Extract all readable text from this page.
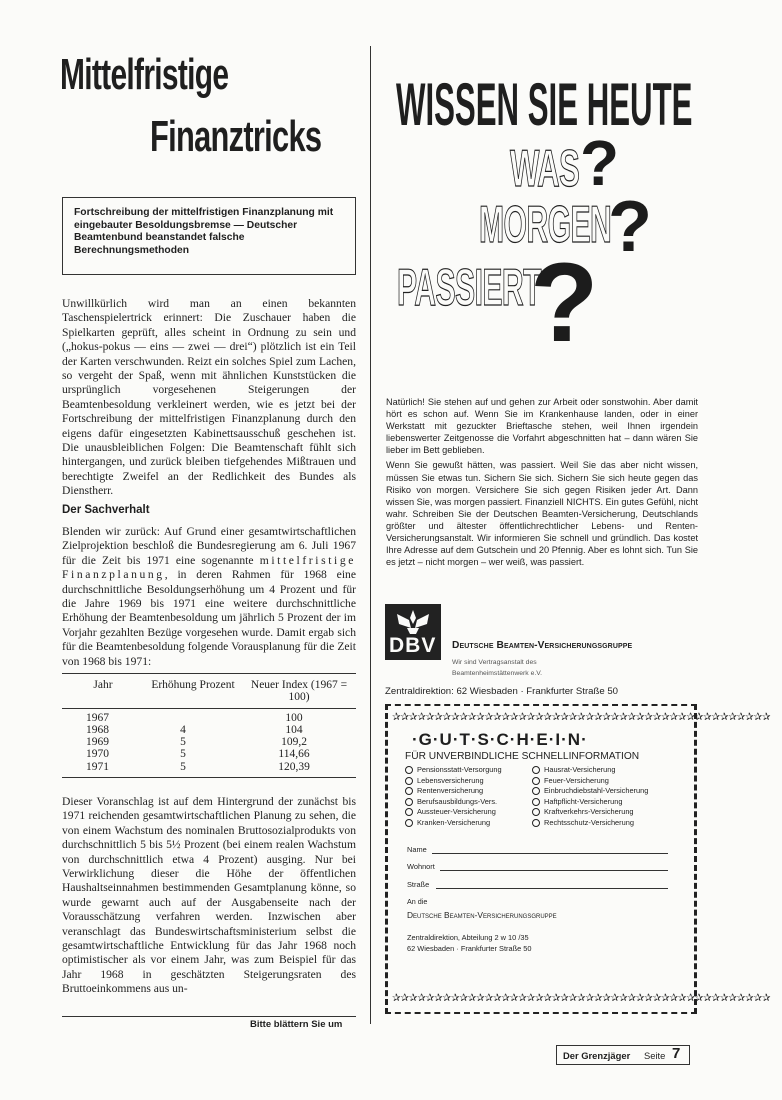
Mittelfristige
Finanztricks
Fortschreibung der mittelfristigen Finanzplanung mit eingebauter Besoldungsbremse — Deutscher Beamtenbund beanstandet falsche Berechnungsmethoden

Unwillkürlich wird man an einen bekannten Taschenspielertrick erinnert: Die Zuschauer haben die Spielkarten geprüft, alles scheint in Ordnung zu sein und („hokus-pokus — eins — zwei — drei“) plötzlich ist ein Teil der Karten verschwunden. Reizt ein solches Spiel zum Lachen, so vergeht der Spaß, wenn mit ähnlichen Kunststücken die ursprünglich vorgesehenen Steigerungen der Beamtenbesoldung verkleinert werden, wie es jetzt bei der Fortschreibung der mittelfristigen Finanzplanung durch den eigens dafür eingesetzten Kabinettsausschuß geschehen ist. Die unausbleiblichen Folgen: Die Beamtenschaft fühlt sich hintergangen, und zurück bleiben tiefgehendes Mißtrauen und berechtigte Zweifel an der Redlichkeit des Bundes als Dienstherr.

Der Sachverhalt

Blenden wir zurück: Auf Grund einer gesamtwirtschaftlichen Zielprojektion beschloß die Bundesregierung am 6. Juli 1967 für die Zeit bis 1971 eine sogenannte mittelfristige Finanzplanung, in deren Rahmen für 1968 eine durchschnittliche Besoldungserhöhung um 4 Prozent und für die Jahre 1969 bis 1971 eine weitere durchschnittliche Erhöhung der Beamtenbesoldung um jährlich 5 Prozent der im Vorjahr gezahlten Bezüge vorgesehen wurde. Damit ergab sich für die Beamtenbesoldung folgende Vorausplanung für die Zeit von 1968 bis 1971:

Jahr	Erhöhung Prozent	Neuer Index (1967 = 100)
1967		100
1968	4	104
1969	5	109,2
1970	5	114,66
1971	5	120,39

Dieser Voranschlag ist auf dem Hintergrund der zunächst bis 1971 reichenden gesamtwirtschaftlichen Planung zu sehen, die von einem Wachstum des nominalen Bruttosozialprodukts von durchschnittlich 5 bis 5½ Prozent (bei einem realen Wachstum von durchschnittlich etwa 4 Prozent) ausging. Nur bei Verwirklichung dieser die Höhe der öffentlichen Haushaltseinnahmen bestimmenden Gesamtplanung könne, so wurde gewarnt auch auf der Ausgabenseite nach der Vorausschätzung verfahren werden. Inzwischen aber veranschlagt das Bundeswirtschaftsministerium selbst die gesamtwirtschaftliche Entwicklung für das Jahr 1968 noch optimistischer als vor einem Jahr, was zum Beispiel für das Jahr 1968 in geschätzten Steigerungsraten des Bruttoeinkommens aus un-

Bitte blättern Sie um
WISSEN SIE HEUTE
WAS ?
MORGEN
?
PASSIERT
?

Natürlich! Sie stehen auf und gehen zur Arbeit oder sonstwohin. Aber damit hört es schon auf. Wenn Sie im Krankenhause landen, oder in einer Werkstatt mit gezuckter Brieftasche stehen, weil Ihnen irgendein liebenswerter Zeitgenosse die Vorfahrt abgeschnitten hat – dann wären Sie lieber im Bett geblieben.

Wenn Sie gewußt hätten, was passiert. Weil Sie das aber nicht wissen, müssen Sie etwas tun. Sichern Sie sich. Sichern Sie sich heute gegen das Risiko von morgen. Versichere Sie sich gegen Risiken jeder Art. Dann wissen Sie, was morgen passiert. Finanziell NICHTS. Ein gutes Gefühl, nicht wahr. Schreiben Sie der Deutschen Beamten-Versicherung, Deutschlands größter und ältester öffentlichrechtlicher Lebens- und Renten-Versicherungsanstalt. Wir informieren Sie schnell und gründlich. Das kostet Ihre Adresse auf dem Gutschein und 20 Pfennig. Aber es lohnt sich. Tun Sie es jetzt – nicht morgen – wer weiß, was passiert.

DBV Deutsche Beamten-Versicherungsgruppe
Wir sind Vertragsanstalt des
Beamtenheimstättenwerk e.V.
Zentraldirektion: 62 Wiesbaden · Frankfurter Straße 50
✰✰✰✰✰✰✰✰✰✰✰✰✰✰✰✰✰✰✰✰✰✰✰✰✰✰✰✰✰✰✰✰✰✰✰✰✰✰✰✰✰✰✰✰✰
✰✰✰✰✰✰✰✰✰✰✰✰✰✰✰✰✰✰✰✰✰✰✰✰✰✰✰✰✰✰✰✰✰✰✰✰✰✰✰✰✰✰✰✰✰
·G·U·T·S·C·H·E·I·N·
FÜR UNVERBINDLICHE SCHNELLINFORMATION
Pensionsstatt-Versorgung
Lebensversicherung
Rentenversicherung
Berufsausbildungs-Vers.
Aussteuer-Versicherung
Kranken-Versicherung
Hausrat-Versicherung
Feuer-Versicherung
Einbruchdiebstahl-Versicherung
Haftpflicht-Versicherung
Kraftverkehrs-Versicherung
Rechtsschutz-Versicherung
Name
Wohnort
Straße
An die
Deutsche Beamten-Versicherungsgruppe
Zentraldirektion, Abteilung 2 w 10 /35
62 Wiesbaden · Frankfurter Straße 50
Der Grenzjäger Seite 7
